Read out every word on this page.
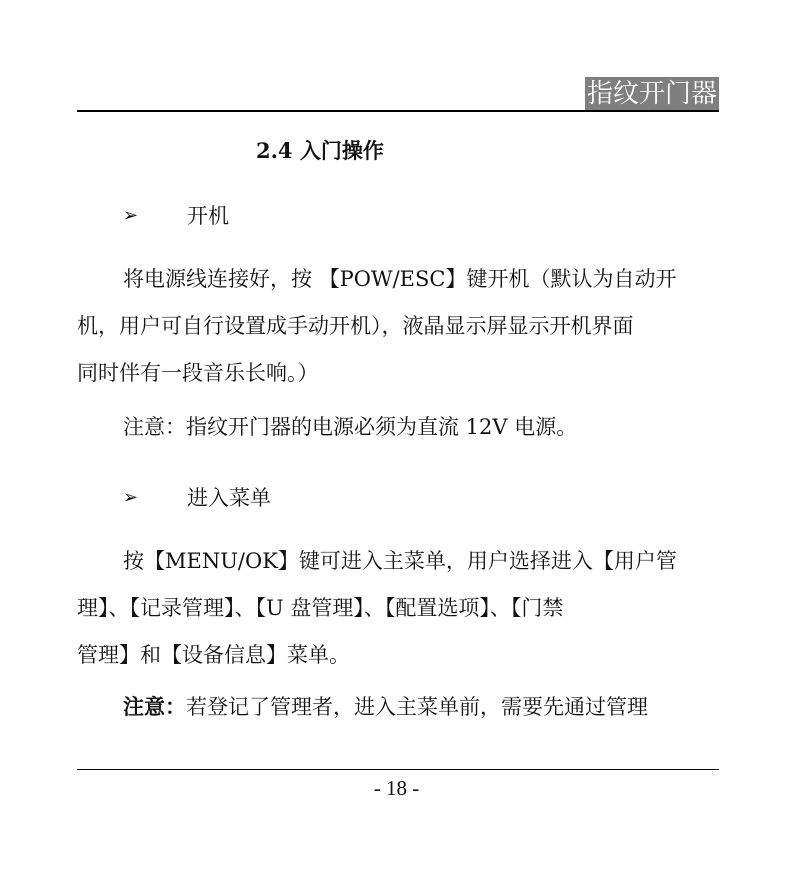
指纹开门器
2.4 入门操作
➢	开机
将电源线连接好，按 【POW/ESC】键开机（默认为自动开
机，用户可自行设置成手动开机），液晶显示屏显示开机界面
同时伴有一段音乐长响。）
注意：指纹开门器的电源必须为直流 12V 电源。
➢	进入菜单
按【MENU/OK】键可进入主菜单，用户选择进入【用户管
理】、【记录管理】、【U 盘管理】、【配置选项】、【门禁
管理】和【设备信息】菜单。
注意：若登记了管理者，进入主菜单前，需要先通过管理
- 18 -
